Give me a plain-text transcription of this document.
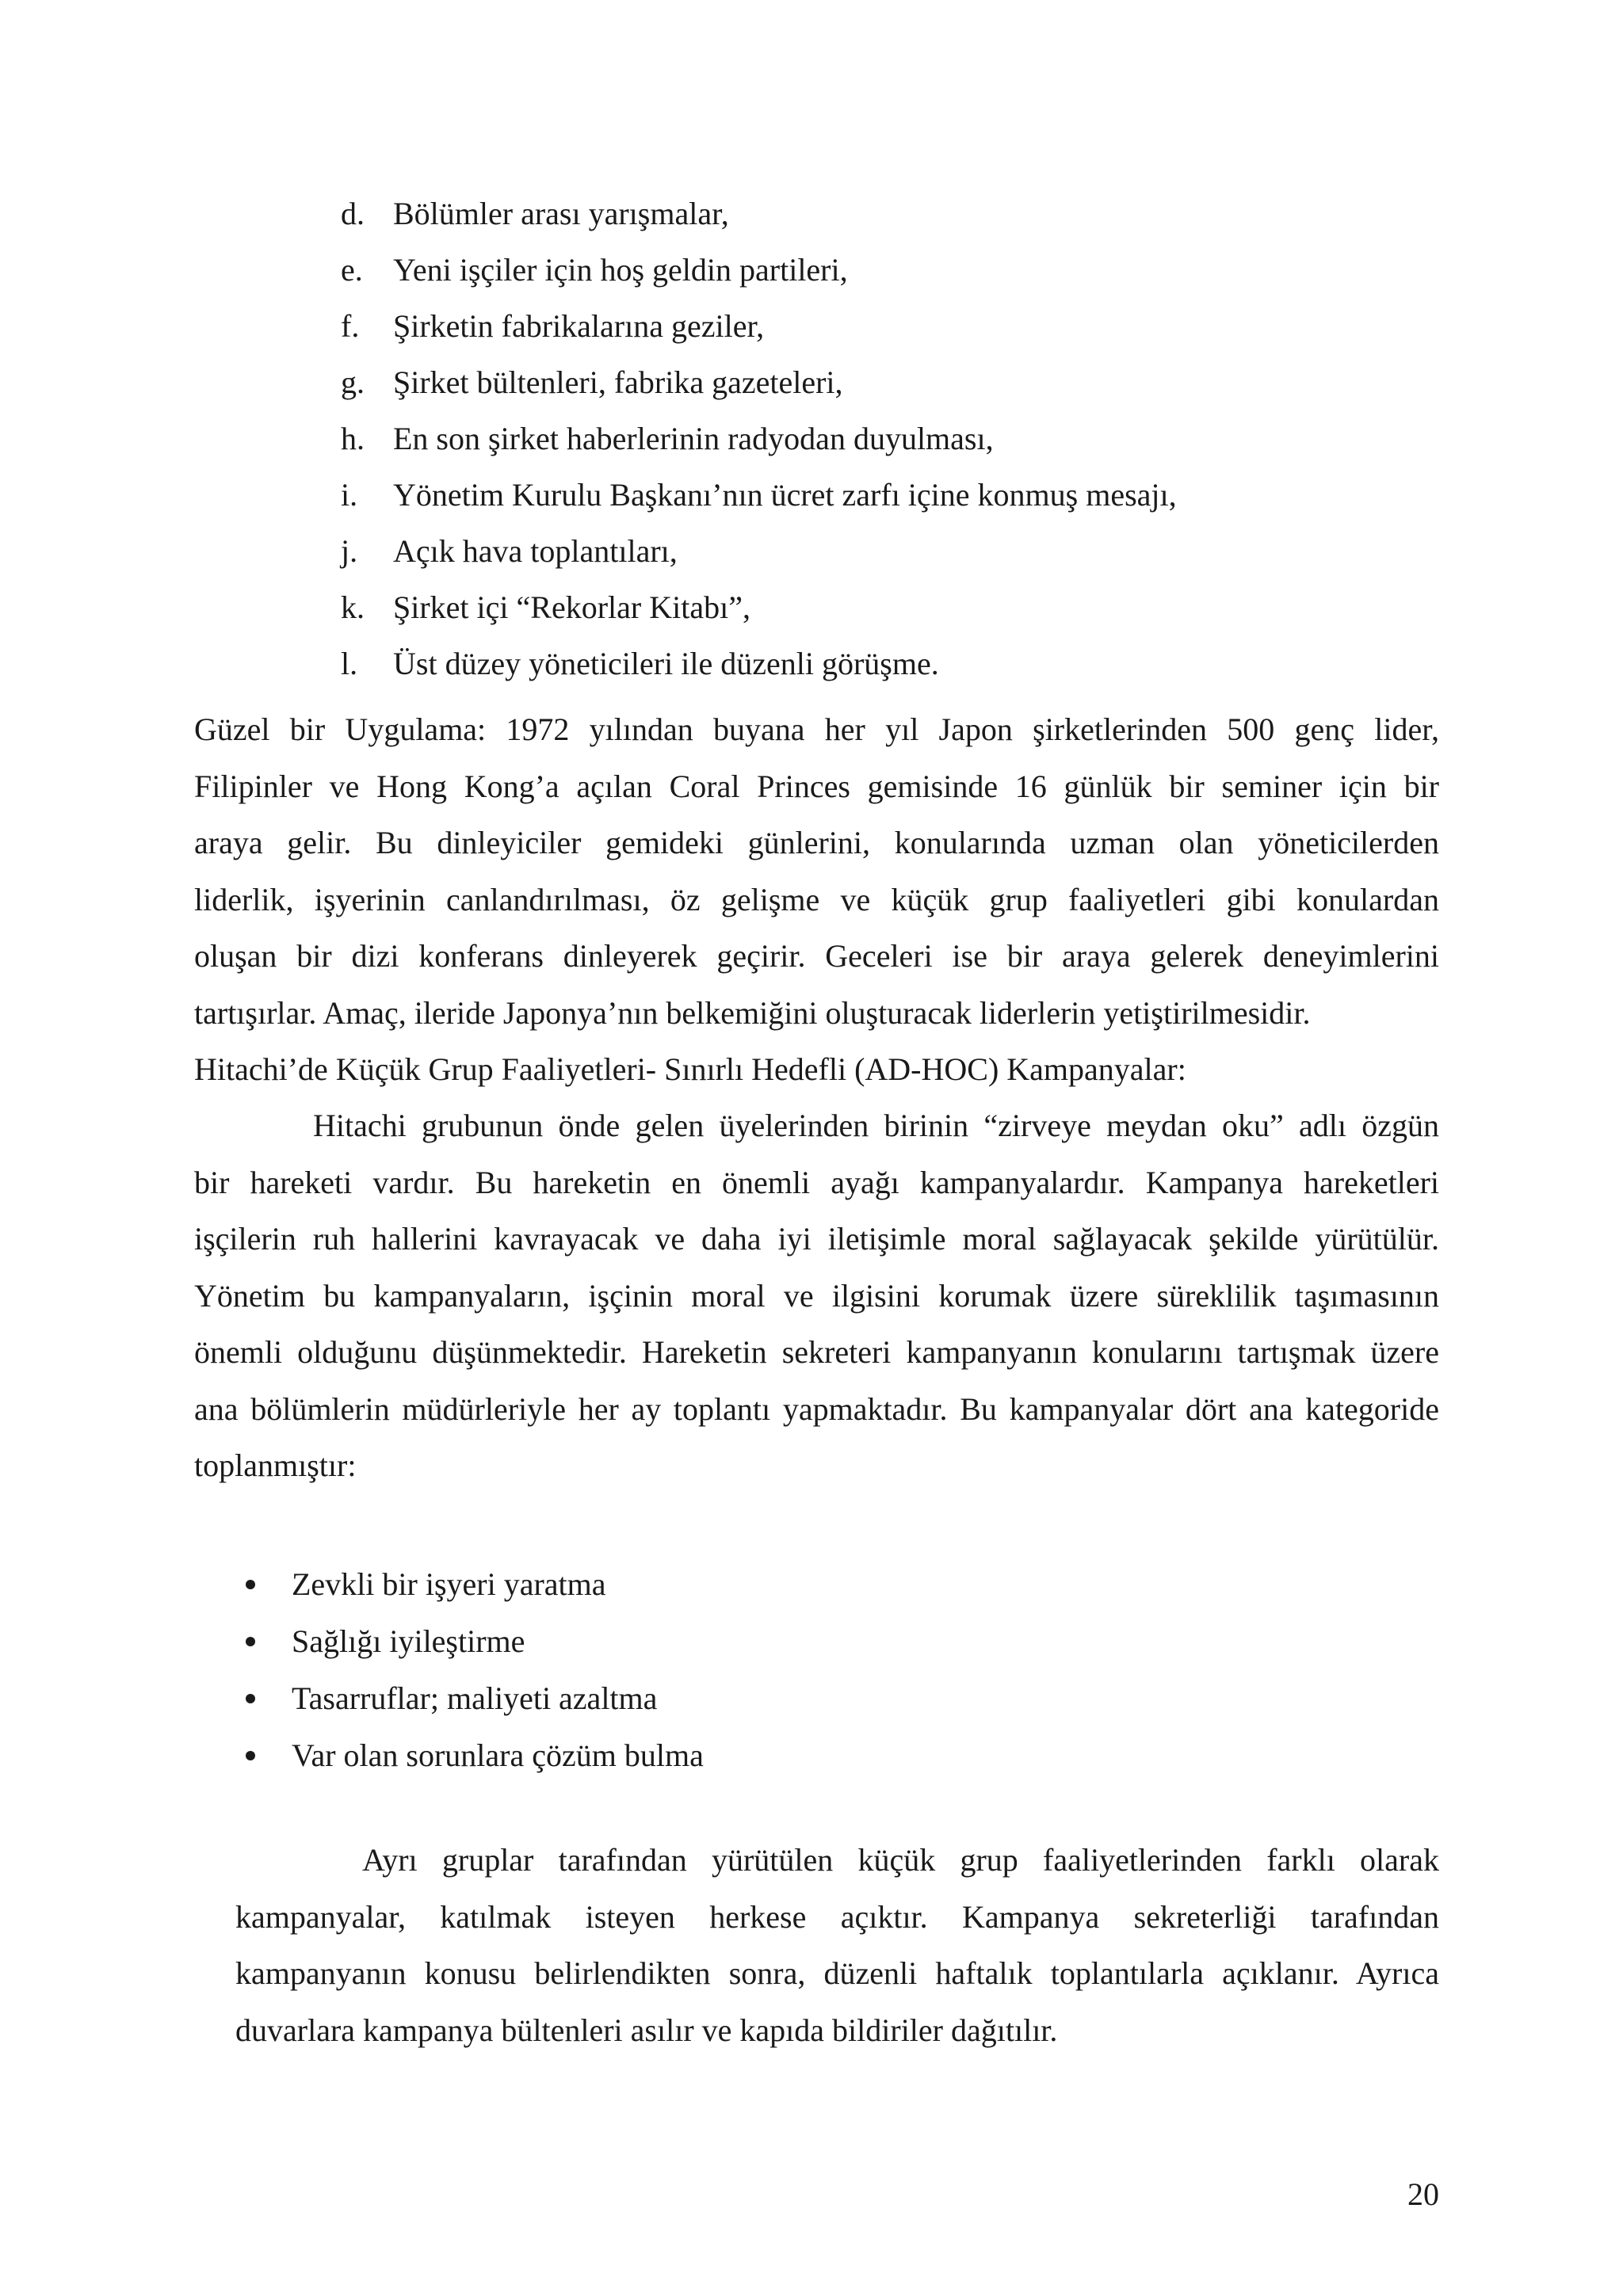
d. Bölümler arası yarışmalar,
e. Yeni işçiler için hoş geldin partileri,
f.	Şirketin fabrikalarına geziler,
g. Şirket bültenleri, fabrika gazeteleri,
h. En son şirket haberlerinin radyodan duyulması,
i.	Yönetim Kurulu Başkanı’nın ücret zarfı içine konmuş mesajı,
j.	Açık hava toplantıları,
k. Şirket içi “Rekorlar Kitabı”,
l.	Üst düzey yöneticileri ile düzenli görüşme.
Güzel bir Uygulama: 1972 yılından buyana her yıl Japon şirketlerinden 500 genç lider,
Filipinler ve Hong Kong’a açılan Coral Princes gemisinde 16 günlük bir seminer için bir
araya gelir. Bu dinleyiciler gemideki günlerini, konularında uzman olan yöneticilerden
liderlik, işyerinin canlandırılması, öz gelişme ve küçük grup faaliyetleri gibi konulardan
oluşan bir dizi konferans dinleyerek geçirir. Geceleri ise bir araya gelerek deneyimlerini
tartışırlar. Amaç, ileride Japonya’nın belkemiğini oluşturacak liderlerin yetiştirilmesidir.
Hitachi’de Küçük Grup Faaliyetleri- Sınırlı Hedefli (AD-HOC) Kampanyalar:
Hitachi grubunun önde gelen üyelerinden birinin “zirveye meydan oku” adlı özgün
bir hareketi vardır. Bu hareketin en önemli ayağı kampanyalardır. Kampanya hareketleri
işçilerin ruh hallerini kavrayacak ve daha iyi iletişimle moral sağlayacak şekilde yürütülür.
Yönetim bu kampanyaların, işçinin moral ve ilgisini korumak üzere süreklilik taşımasının
önemli olduğunu düşünmektedir. Hareketin sekreteri kampanyanın konularını tartışmak üzere
ana bölümlerin müdürleriyle her ay toplantı yapmaktadır. Bu kampanyalar dört ana kategoride
toplanmıştır:
Zevkli bir işyeri yaratma
Sağlığı iyileştirme
Tasarruflar; maliyeti azaltma
Var olan sorunlara çözüm bulma
Ayrı gruplar tarafından yürütülen küçük grup faaliyetlerinden farklı olarak
kampanyalar, katılmak isteyen herkese açıktır. Kampanya sekreterliği tarafından
kampanyanın konusu belirlendikten sonra, düzenli haftalık toplantılarla açıklanır. Ayrıca
duvarlara kampanya bültenleri asılır ve kapıda bildiriler dağıtılır.
20
